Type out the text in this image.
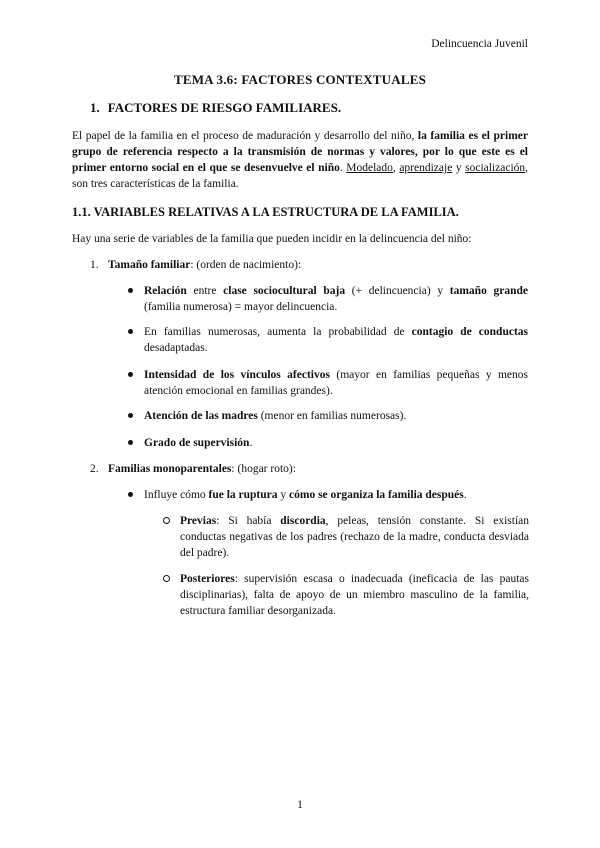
Delincuencia Juvenil
TEMA 3.6: FACTORES CONTEXTUALES
1. FACTORES DE RIESGO FAMILIARES.
El papel de la familia en el proceso de maduración y desarrollo del niño, la familia es el primer grupo de referencia respecto a la transmisión de normas y valores, por lo que este es el primer entorno social en el que se desenvuelve el niño. Modelado, aprendizaje y socialización, son tres características de la familia.
1.1. VARIABLES RELATIVAS A LA ESTRUCTURA DE LA FAMILIA.
Hay una serie de variables de la familia que pueden incidir en la delincuencia del niño:
1. Tamaño familiar: (orden de nacimiento):
Relación entre clase sociocultural baja (+ delincuencia) y tamaño grande (familia numerosa) = mayor delincuencia.
En familias numerosas, aumenta la probabilidad de contagio de conductas desadaptadas.
Intensidad de los vínculos afectivos (mayor en familias pequeñas y menos atención emocional en familias grandes).
Atención de las madres (menor en familias numerosas).
Grado de supervisión.
2. Familias monoparentales: (hogar roto):
Influye cómo fue la ruptura y cómo se organiza la familia después.
Previas: Si había discordia, peleas, tensión constante. Si existían conductas negativas de los padres (rechazo de la madre, conducta desviada del padre).
Posteriores: supervisión escasa o inadecuada (ineficacia de las pautas disciplinarias), falta de apoyo de un miembro masculino de la familia, estructura familiar desorganizada.
1
